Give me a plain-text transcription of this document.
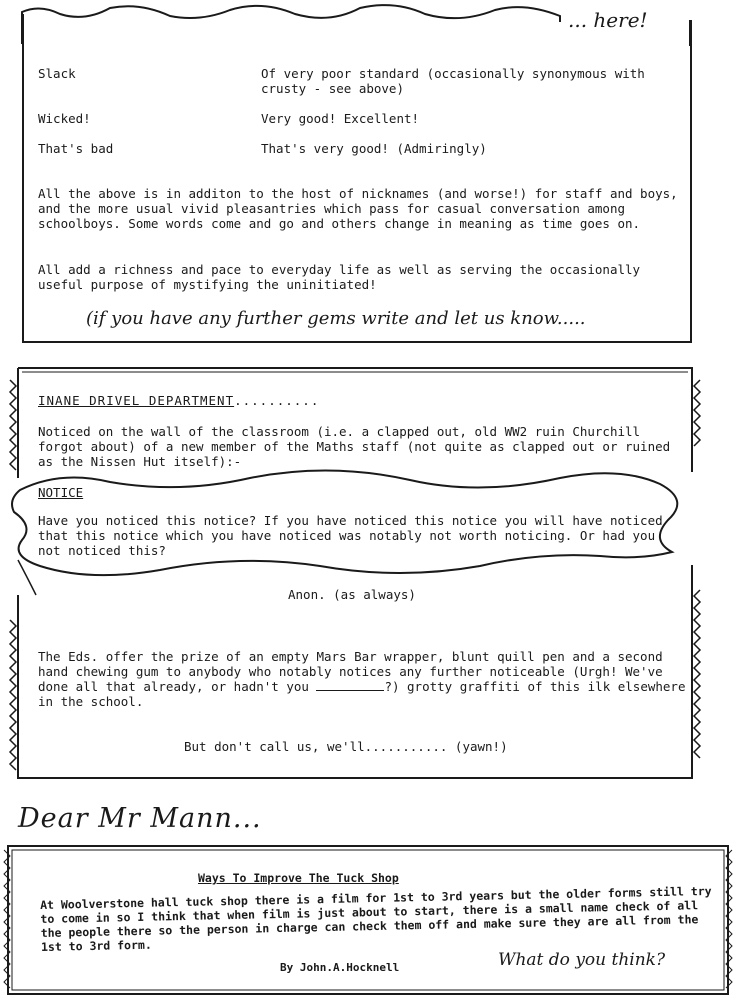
... here!
Slack	Of very poor standard (occasionally synonymous with crusty - see above)
Wicked!	Very good! Excellent!
That's bad	That's very good! (Admiringly)
All the above is in additon to the host of nicknames (and worse!) for staff and boys, and the more usual vivid pleasantries which pass for casual conversation among schoolboys. Some words come and go and others change in meaning as time goes on.
All add a richness and pace to everyday life as well as serving the occasionally useful purpose of mystifying the uninitiated!
(if you have any further gems write and let us know.....
INANE DRIVEL DEPARTMENT..........
Noticed on the wall of the classroom (i.e. a clapped out, old WW2 ruin Churchill forgot about) of a new member of the Maths staff (not quite as clapped out or ruined as the Nissen Hut itself):-
NOTICE
Have you noticed this notice? If you have noticed this notice you will have noticed that this notice which you have noticed was notably not worth noticing. Or had you not noticed this?
Anon. (as always)
The Eds. offer the prize of an empty Mars Bar wrapper, blunt quill pen and a second hand chewing gum to anybody who notably notices any further noticeable (Urgh! We've done all that already, or hadn't you	?) grotty graffiti of this ilk elsewhere in the school.
But don't call us, we'll........... (yawn!)
Dear Mr Mann...
Ways To Improve The Tuck Shop
At Woolverstone hall tuck shop there is a film for 1st to 3rd years but the older forms still try to come in so I think that when film is just about to start, there is a small name check of all the people there so the person in charge can check them off and make sure they are all from the 1st to 3rd form.
By John.A.Hocknell	What do you think?
